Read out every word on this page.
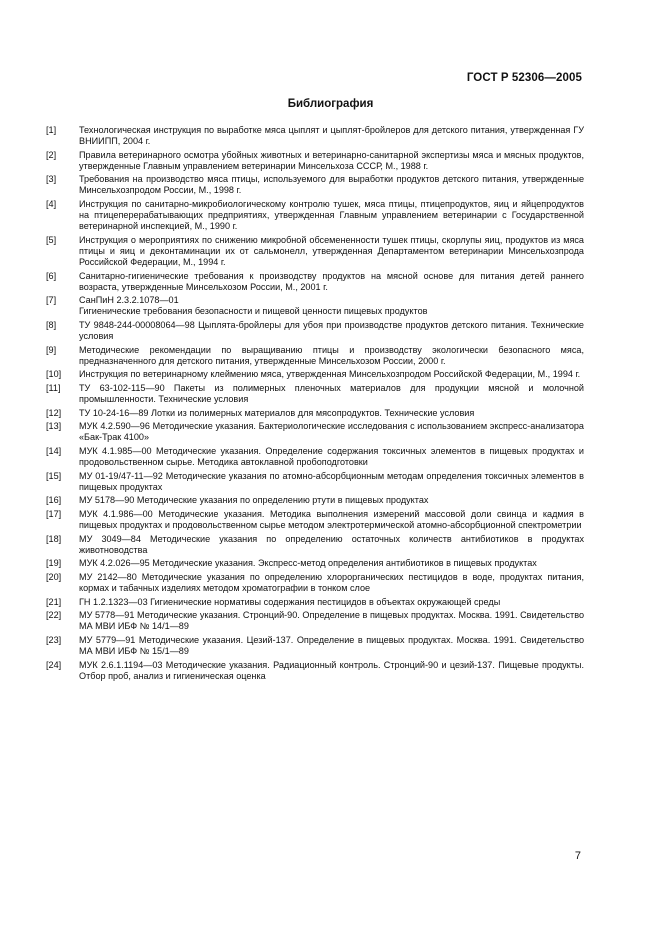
ГОСТ Р 52306—2005
Библиография
[1]	Технологическая инструкция по выработке мяса цыплят и цыплят-бройлеров для детского питания, утвержденная ГУ ВНИИПП, 2004 г.
[2]	Правила ветеринарного осмотра убойных животных и ветеринарно-санитарной экспертизы мяса и мясных продуктов, утвержденные Главным управлением ветеринарии Минсельхоза СССР, М., 1988 г.
[3]	Требования на производство мяса птицы, используемого для выработки продуктов детского питания, утвержденные Минсельхозпродом России, М., 1998 г.
[4]	Инструкция по санитарно-микробиологическому контролю тушек, мяса птицы, птицепродуктов, яиц и яйцепродуктов на птицеперерабатывающих предприятиях, утвержденная Главным управлением ветеринарии с Государственной ветеринарной инспекцией, М., 1990 г.
[5]	Инструкция о мероприятиях по снижению микробной обсемененности тушек птицы, скорлупы яиц, продуктов из мяса птицы и яиц и деконтаминации их от сальмонелл, утвержденная Департаментом ветеринарии Минсельхозпрода Российской Федерации, М., 1994 г.
[6]	Санитарно-гигиенические требования к производству продуктов на мясной основе для питания детей раннего возраста, утвержденные Минсельхозом России, М., 2001 г.
[7]	СанПиН 2.3.2.1078—01
Гигиенические требования безопасности и пищевой ценности пищевых продуктов
[8]	ТУ 9848-244-00008064—98 Цыплята-бройлеры для убоя при производстве продуктов детского питания. Технические условия
[9]	Методические рекомендации по выращиванию птицы и производству экологически безопасного мяса, предназначенного для детского питания, утвержденные Минсельхозом России, 2000 г.
[10]	Инструкция по ветеринарному клеймению мяса, утвержденная Минсельхозпродом Российской Федерации, М., 1994 г.
[11]	ТУ 63-102-115—90 Пакеты из полимерных пленочных материалов для продукции мясной и молочной промышленности. Технические условия
[12]	ТУ 10-24-16—89 Лотки из полимерных материалов для мясопродуктов. Технические условия
[13]	МУК 4.2.590—96 Методические указания. Бактериологические исследования с использованием экспресс-анализатора «Бак-Трак 4100»
[14]	МУК 4.1.985—00 Методические указания. Определение содержания токсичных элементов в пищевых продуктах и продовольственном сырье. Методика автоклавной пробоподготовки
[15]	МУ 01-19/47-11—92 Методические указания по атомно-абсорбционным методам определения токсичных элементов в пищевых продуктах
[16]	МУ 5178—90 Методические указания по определению ртути в пищевых продуктах
[17]	МУК 4.1.986—00 Методические указания. Методика выполнения измерений массовой доли свинца и кадмия в пищевых продуктах и продовольственном сырье методом электротермической атомно-абсорбционной спектрометрии
[18]	МУ 3049—84 Методические указания по определению остаточных количеств антибиотиков в продуктах животноводства
[19]	МУК 4.2.026—95 Методические указания. Экспресс-метод определения антибиотиков в пищевых продуктах
[20]	МУ 2142—80 Методические указания по определению хлорорганических пестицидов в воде, продуктах питания, кормах и табачных изделиях методом хроматографии в тонком слое
[21]	ГН 1.2.1323—03 Гигиенические нормативы содержания пестицидов в объектах окружающей среды
[22]	МУ 5778—91 Методические указания. Стронций-90. Определение в пищевых продуктах. Москва. 1991. Свидетельство МА МВИ ИБФ № 14/1—89
[23]	МУ 5779—91 Методические указания. Цезий-137. Определение в пищевых продуктах. Москва. 1991. Свидетельство МА МВИ ИБФ № 15/1—89
[24]	МУК 2.6.1.1194—03 Методические указания. Радиационный контроль. Стронций-90 и цезий-137. Пищевые продукты. Отбор проб, анализ и гигиеническая оценка
7
